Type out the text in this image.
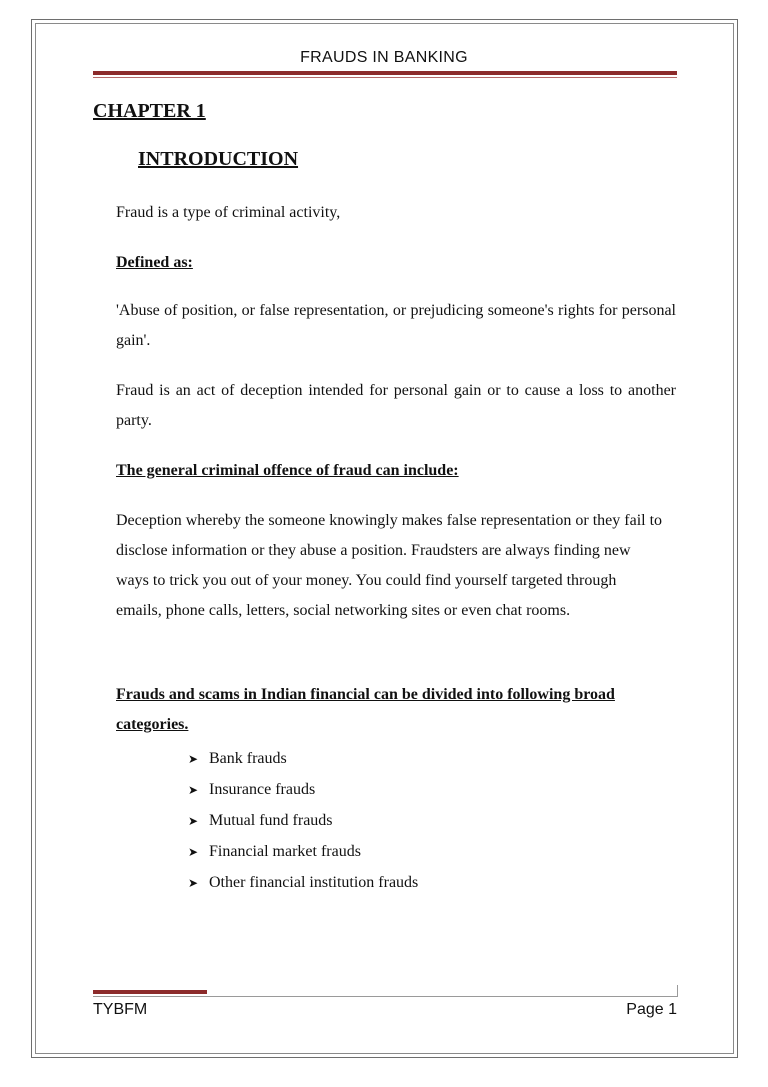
FRAUDS IN BANKING
CHAPTER 1
INTRODUCTION
Fraud is a type of criminal activity,
Defined as:
'Abuse of position, or false representation, or prejudicing someone's rights for personal gain'.
Fraud is an act of deception intended for personal gain or to cause a loss to another party.
The general criminal offence of fraud can include:
Deception whereby the someone knowingly makes false representation or they fail to disclose information or they abuse a position. Fraudsters are always finding new ways to trick you out of your money. You could find yourself targeted through emails, phone calls, letters, social networking sites or even chat rooms.
Frauds and scams in Indian financial can be divided into following broad categories.
➤ Bank frauds
➤ Insurance frauds
➤ Mutual fund frauds
➤ Financial market frauds
➤ Other financial institution frauds
TYBFM	Page 1
